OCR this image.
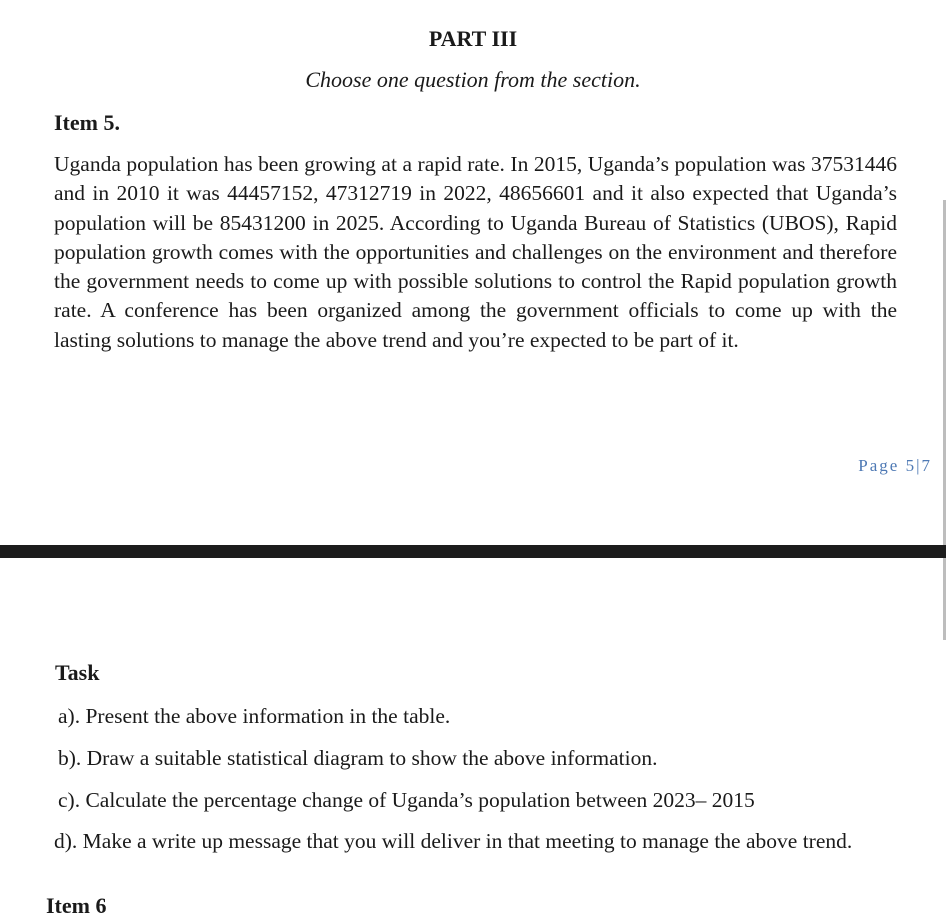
PART III

Choose one question from the section.

Item 5.

Uganda population has been growing at a rapid rate. In 2015, Uganda’s population was 37531446 and in 2010 it was 44457152, 47312719 in 2022, 48656601 and it also expected that Uganda’s population will be 85431200 in 2025. According to Uganda Bureau of Statistics (UBOS), Rapid population growth comes with the opportunities and challenges on the environment and therefore the government needs to come up with possible solutions to control the Rapid population growth rate. A conference has been organized among the government officials to come up with the lasting solutions to manage the above trend and you’re expected to be part of it.

Page 5|7

Task

a). Present the above information in the table.

b). Draw a suitable statistical diagram to show the above information.

c). Calculate the percentage change of Uganda’s population between 2023– 2015

d). Make a write up message that you will deliver in that meeting to manage the above trend.

Item 6
